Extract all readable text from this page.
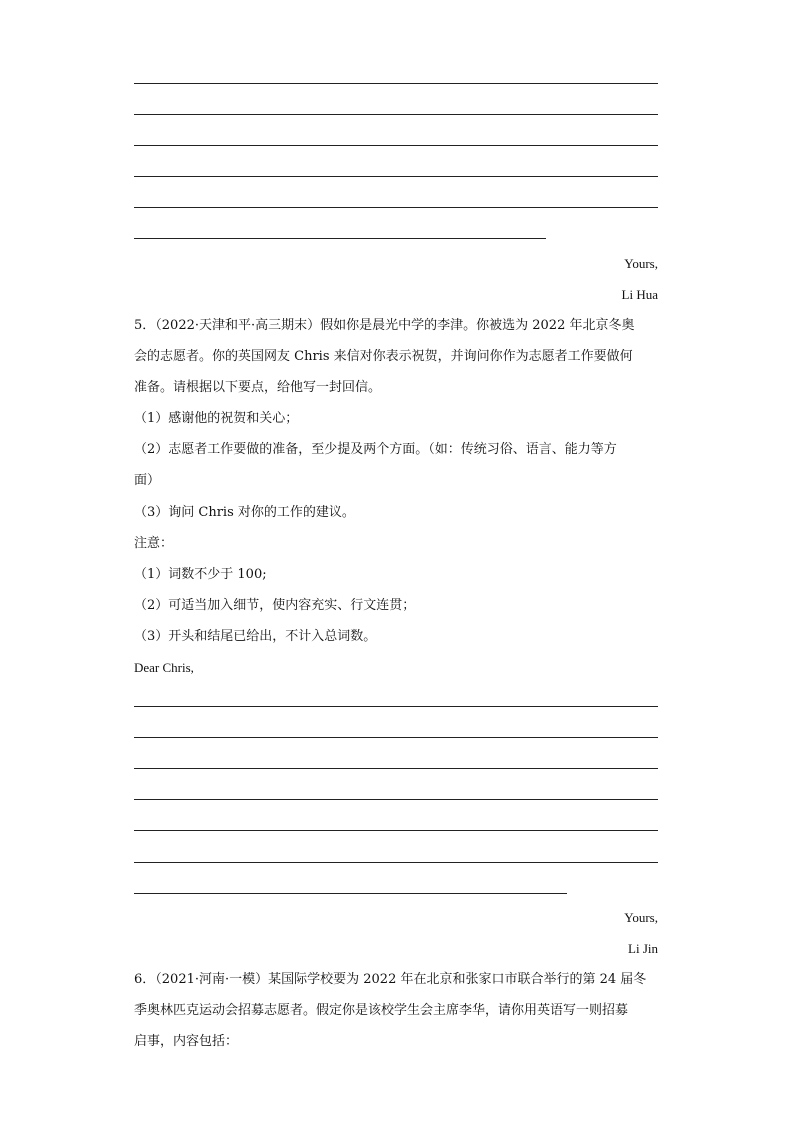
Yours,
Li Hua
5．（2022·天津和平·高三期末）假如你是晨光中学的李津。你被选为 2022 年北京冬奥
会的志愿者。你的英国网友 Chris 来信对你表示祝贺，并询问你作为志愿者工作要做何
准备。请根据以下要点，给他写一封回信。
（1）感谢他的祝贺和关心；
（2）志愿者工作要做的准备，至少提及两个方面。（如：传统习俗、语言、能力等方
面）
（3）询问 Chris 对你的工作的建议。
注意：
（1）词数不少于 100;
（2）可适当加入细节，使内容充实、行文连贯；
（3）开头和结尾已给出，不计入总词数。
Dear Chris,
Yours,
Li Jin
6．（2021·河南·一模）某国际学校要为 2022 年在北京和张家口市联合举行的第 24 届冬
季奥林匹克运动会招募志愿者。假定你是该校学生会主席李华，请你用英语写一则招募
启事，内容包括：
